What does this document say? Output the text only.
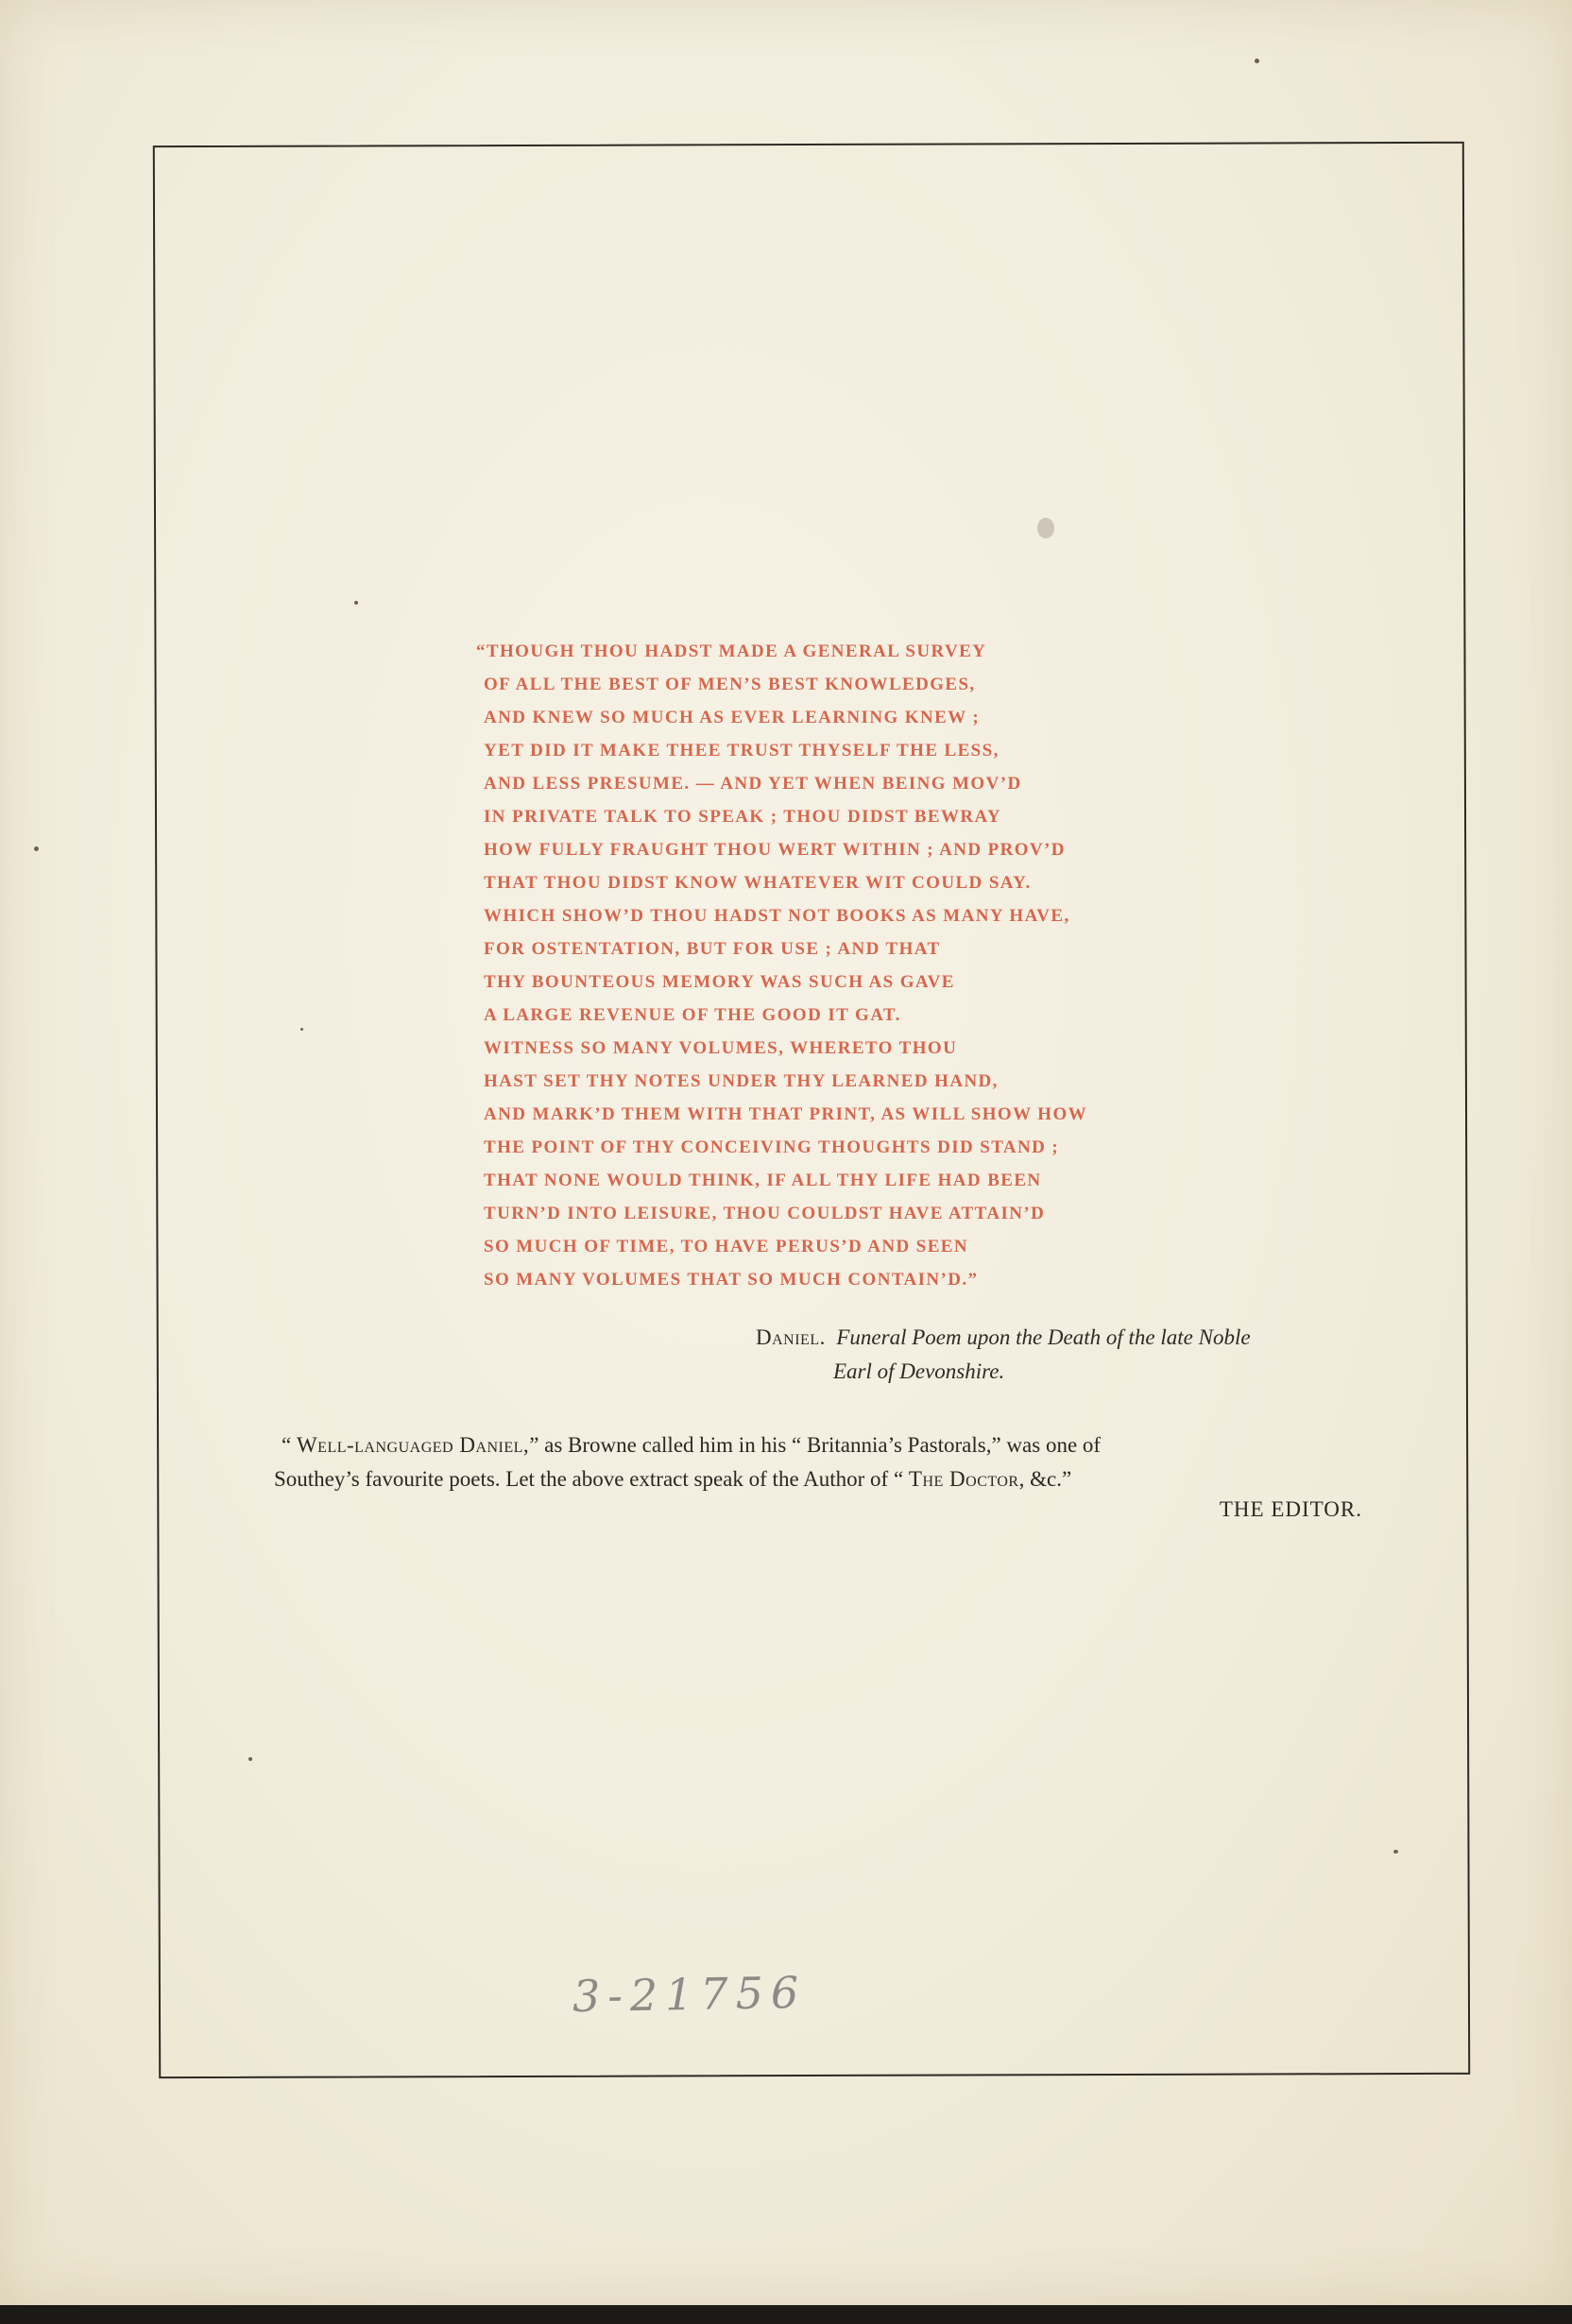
“THOUGH THOU HADST MADE A GENERAL SURVEY
OF ALL THE BEST OF MEN’S BEST KNOWLEDGES,
AND KNEW SO MUCH AS EVER LEARNING KNEW ;
YET DID IT MAKE THEE TRUST THYSELF THE LESS,
AND LESS PRESUME. — AND YET WHEN BEING MOV’D
IN PRIVATE TALK TO SPEAK ; THOU DIDST BEWRAY
HOW FULLY FRAUGHT THOU WERT WITHIN ; AND PROV’D
THAT THOU DIDST KNOW WHATEVER WIT COULD SAY.
WHICH SHOW’D THOU HADST NOT BOOKS AS MANY HAVE,
FOR OSTENTATION, BUT FOR USE ; AND THAT
THY BOUNTEOUS MEMORY WAS SUCH AS GAVE
A LARGE REVENUE OF THE GOOD IT GAT.
WITNESS SO MANY VOLUMES, WHERETO THOU
HAST SET THY NOTES UNDER THY LEARNED HAND,
AND MARK’D THEM WITH THAT PRINT, AS WILL SHOW HOW
THE POINT OF THY CONCEIVING THOUGHTS DID STAND ;
THAT NONE WOULD THINK, IF ALL THY LIFE HAD BEEN
TURN’D INTO LEISURE, THOU COULDST HAVE ATTAIN’D
SO MUCH OF TIME, TO HAVE PERUS’D AND SEEN
SO MANY VOLUMES THAT SO MUCH CONTAIN’D.”
Daniel. Funeral Poem upon the Death of the late Noble
Earl of Devonshire.
“ Well-languaged Daniel,” as Browne called him in his “ Britannia’s Pastorals,” was one of
Southey’s favourite poets. Let the above extract speak of the Author of “ The Doctor, &c.”
THE EDITOR.
3-21756
